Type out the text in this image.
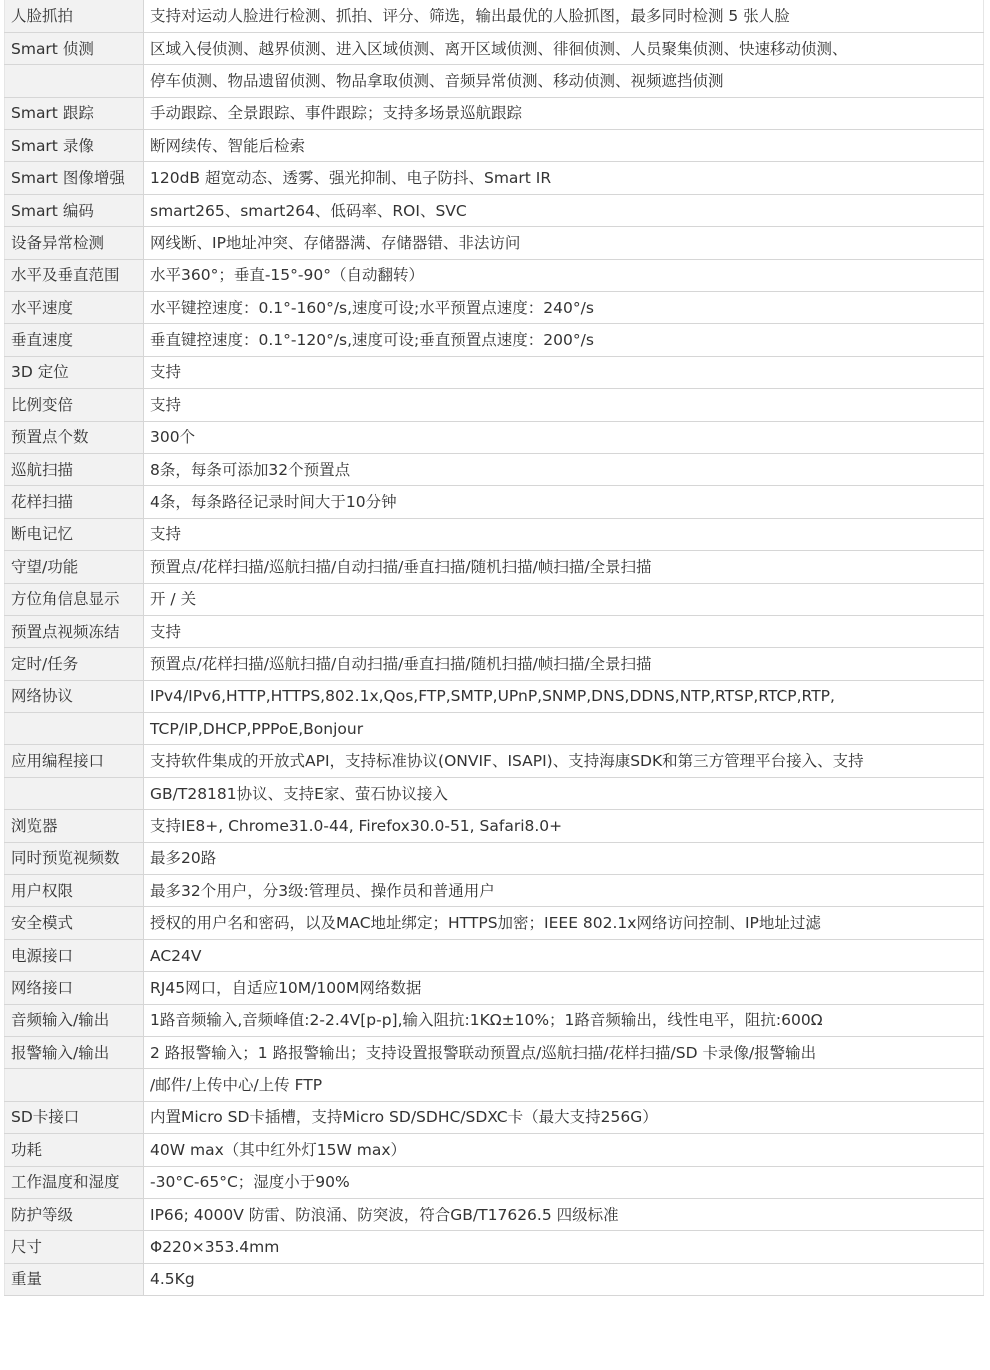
人脸抓拍	支持对运动人脸进行检测、抓拍、评分、筛选，输出最优的人脸抓图，最多同时检测 5 张人脸
Smart 侦测	区域入侵侦测、越界侦测、进入区域侦测、离开区域侦测、徘徊侦测、人员聚集侦测、快速移动侦测、
	停车侦测、物品遗留侦测、物品拿取侦测、音频异常侦测、移动侦测、视频遮挡侦测
Smart 跟踪	手动跟踪、全景跟踪、事件跟踪；支持多场景巡航跟踪
Smart 录像	断网续传、智能后检索
Smart 图像增强	120dB 超宽动态、透雾、强光抑制、电子防抖、Smart IR
Smart 编码	smart265、smart264、低码率、ROI、SVC
设备异常检测	网线断、IP地址冲突、存储器满、存储器错、非法访问
水平及垂直范围	水平360°；垂直-15°-90°（自动翻转）
水平速度	水平键控速度：0.1°-160°/s,速度可设;水平预置点速度：240°/s
垂直速度	垂直键控速度：0.1°-120°/s,速度可设;垂直预置点速度：200°/s
3D 定位	支持
比例变倍	支持
预置点个数	300个
巡航扫描	8条，每条可添加32个预置点
花样扫描	4条，每条路径记录时间大于10分钟
断电记忆	支持
守望/功能	预置点/花样扫描/巡航扫描/自动扫描/垂直扫描/随机扫描/帧扫描/全景扫描
方位角信息显示	开 / 关
预置点视频冻结	支持
定时/任务	预置点/花样扫描/巡航扫描/自动扫描/垂直扫描/随机扫描/帧扫描/全景扫描
网络协议	IPv4/IPv6,HTTP,HTTPS,802.1x,Qos,FTP,SMTP,UPnP,SNMP,DNS,DDNS,NTP,RTSP,RTCP,RTP,
	TCP/IP,DHCP,PPPoE,Bonjour
应用编程接口	支持软件集成的开放式API，支持标准协议(ONVIF、ISAPI)、支持海康SDK和第三方管理平台接入、支持
	GB/T28181协议、支持E家、萤石协议接入
浏览器	支持IE8+, Chrome31.0-44, Firefox30.0-51, Safari8.0+
同时预览视频数	最多20路
用户权限	最多32个用户，分3级:管理员、操作员和普通用户
安全模式	授权的用户名和密码，以及MAC地址绑定；HTTPS加密；IEEE 802.1x网络访问控制、IP地址过滤
电源接口	AC24V
网络接口	RJ45网口，自适应10M/100M网络数据
音频输入/输出	1路音频输入,音频峰值:2-2.4V[p-p],输入阻抗:1KΩ±10%；1路音频输出，线性电平，阻抗:600Ω
报警输入/输出	2 路报警输入；1 路报警输出；支持设置报警联动预置点/巡航扫描/花样扫描/SD 卡录像/报警输出
	/邮件/上传中心/上传 FTP
SD卡接口	内置Micro SD卡插槽，支持Micro SD/SDHC/SDXC卡（最大支持256G）
功耗	40W max（其中红外灯15W max）
工作温度和湿度	-30°C-65°C；湿度小于90%
防护等级	IP66; 4000V 防雷、防浪涌、防突波，符合GB/T17626.5 四级标准
尺寸	Φ220×353.4mm
重量	4.5Kg
